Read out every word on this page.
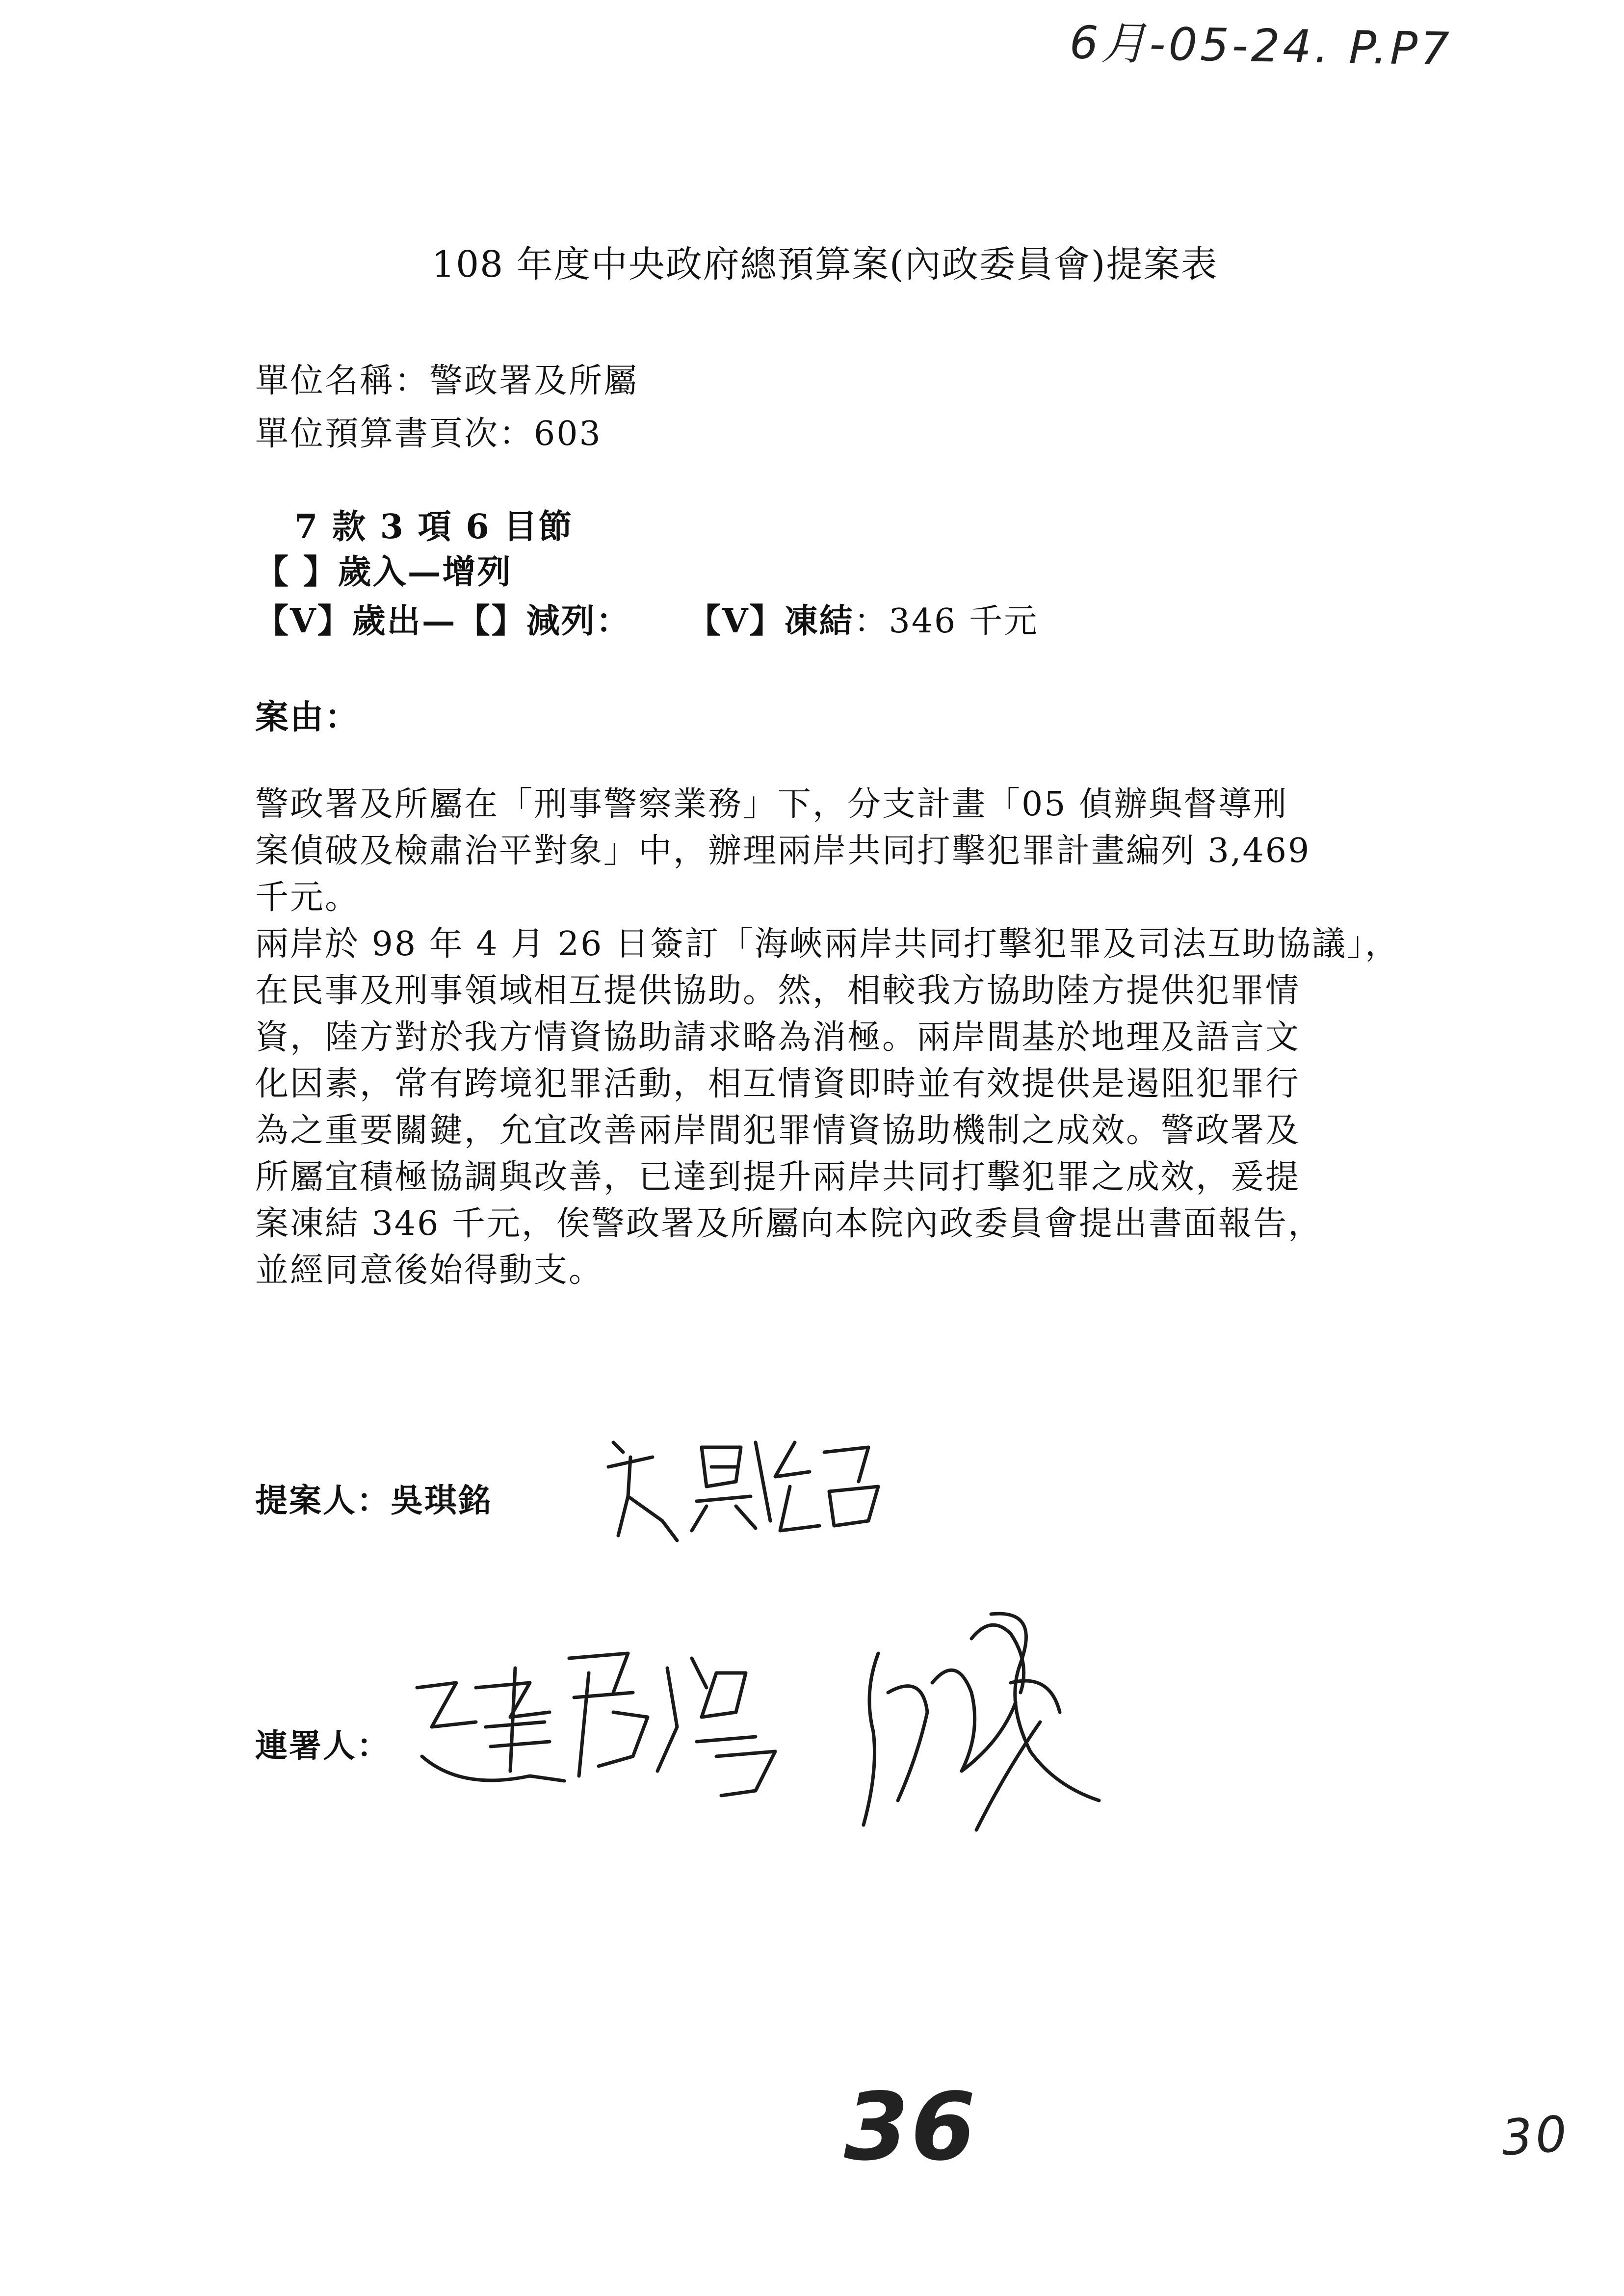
6月-05-24. P.P7
108 年度中央政府總預算案(內政委員會)提案表
單位名稱：警政署及所屬
單位預算書頁次：603
7 款 3 項 6 目節
【 】歲入—增列
【V】歲出—【】減列： 【V】凍結：346 千元
案由：
警政署及所屬在「刑事警察業務」下，分支計畫「05 偵辦與督導刑
案偵破及檢肅治平對象」中，辦理兩岸共同打擊犯罪計畫編列 3,469
千元。
兩岸於 98 年 4 月 26 日簽訂「海峽兩岸共同打擊犯罪及司法互助協議」，
在民事及刑事領域相互提供協助。然，相較我方協助陸方提供犯罪情
資，陸方對於我方情資協助請求略為消極。兩岸間基於地理及語言文
化因素，常有跨境犯罪活動，相互情資即時並有效提供是遏阻犯罪行
為之重要關鍵，允宜改善兩岸間犯罪情資協助機制之成效。警政署及
所屬宜積極協調與改善，已達到提升兩岸共同打擊犯罪之成效，爰提
案凍結 346 千元，俟警政署及所屬向本院內政委員會提出書面報告，
並經同意後始得動支。
提案人：吳琪銘
連署人：
36	30
